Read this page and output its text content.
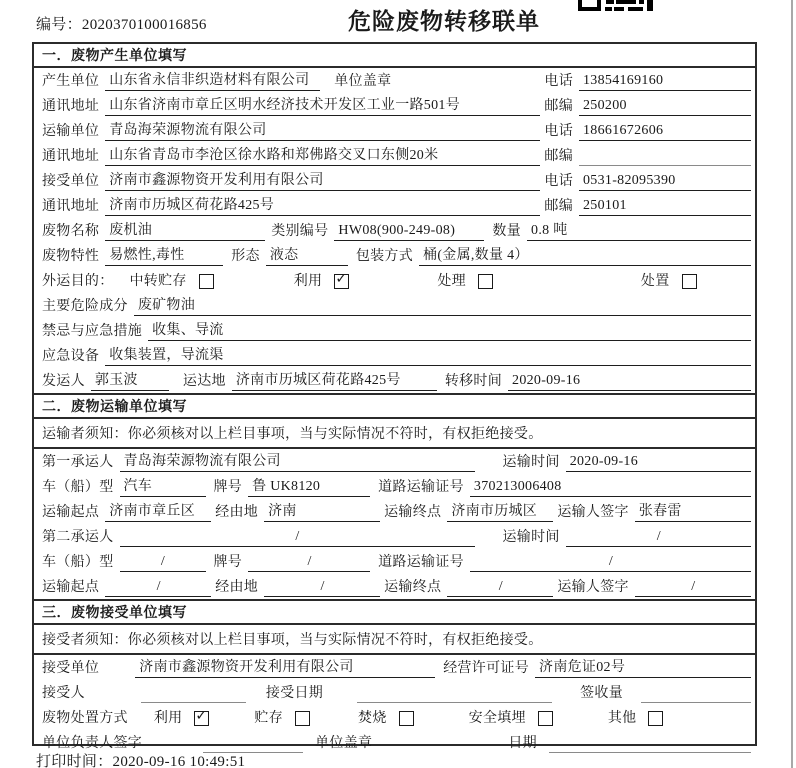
编号：2020370100016856	危险废物转移联单
一．废物产生单位填写
产生单位 山东省永信非织造材料有限公司	单位盖章	电话 13854169160
通讯地址 山东省济南市章丘区明水经济技术开发区工业一路501号	邮编 250200
运输单位 青岛海荣源物流有限公司	电话 18661672606
通讯地址 山东省青岛市李沧区徐水路和郑佛路交叉口东侧20米	邮编
接受单位 济南市鑫源物资开发利用有限公司	电话 0531-82095390
通讯地址 济南市历城区荷花路425号	邮编 250101
废物名称 废机油	类别编号 HW08(900-249-08)	数量 0.8 吨
废物特性 易燃性,毒性	形态 液态	包装方式 桶(金属,数量 4）
外运目的： 中转贮存	利用 ✓	处理	处置
主要危险成分 废矿物油
禁忌与应急措施 收集、导流
应急设备 收集装置，导流渠
发运人 郭玉波	运达地 济南市历城区荷花路425号	转移时间 2020-09-16
二．废物运输单位填写
运输者须知：你必须核对以上栏目事项，当与实际情况不符时，有权拒绝接受。
第一承运人 青岛海荣源物流有限公司	运输时间 2020-09-16
车（船）型 汽车	牌号 鲁 UK8120	道路运输证号 370213006408
运输起点 济南市章丘区	经由地 济南	运输终点 济南市历城区	运输人签字 张春雷
第二承运人	/	运输时间	/
车（船）型	/	牌号	/	道路运输证号	/
运输起点	/	经由地	/	运输终点	/	运输人签字	/
三．废物接受单位填写
接受者须知：你必须核对以上栏目事项，当与实际情况不符时，有权拒绝接受。
接受单位	济南市鑫源物资开发利用有限公司	经营许可证号 济南危证02号
接受人	接受日期	签收量
废物处置方式 利用 ✓	贮存	焚烧	安全填埋	其他
单位负责人签字	单位盖章	日期
打印时间：2020-09-16 10:49:51
